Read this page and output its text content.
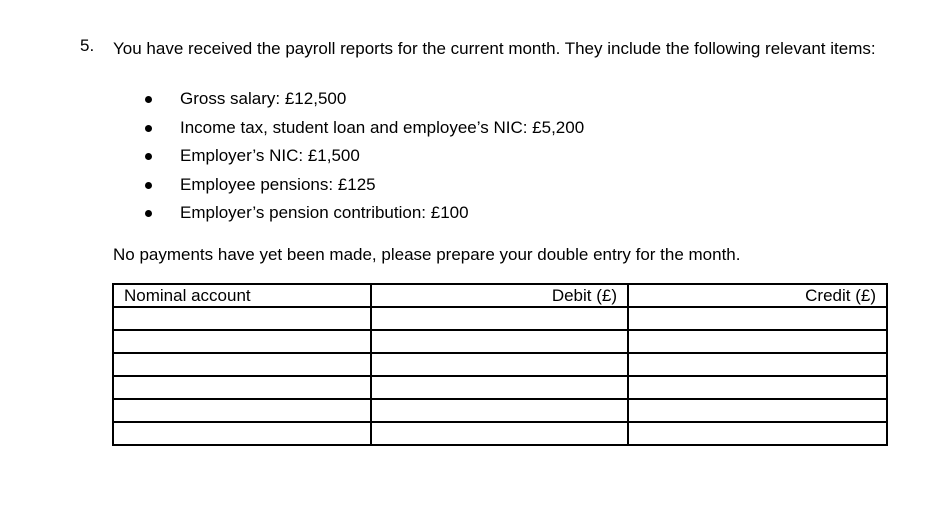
5. You have received the payroll reports for the current month. They include the following relevant items:
Gross salary: £12,500
Income tax, student loan and employee’s NIC: £5,200
Employer’s NIC: £1,500
Employee pensions: £125
Employer’s pension contribution: £100
No payments have yet been made, please prepare your double entry for the month.
Nominal account	Debit (£)	Credit (£)
